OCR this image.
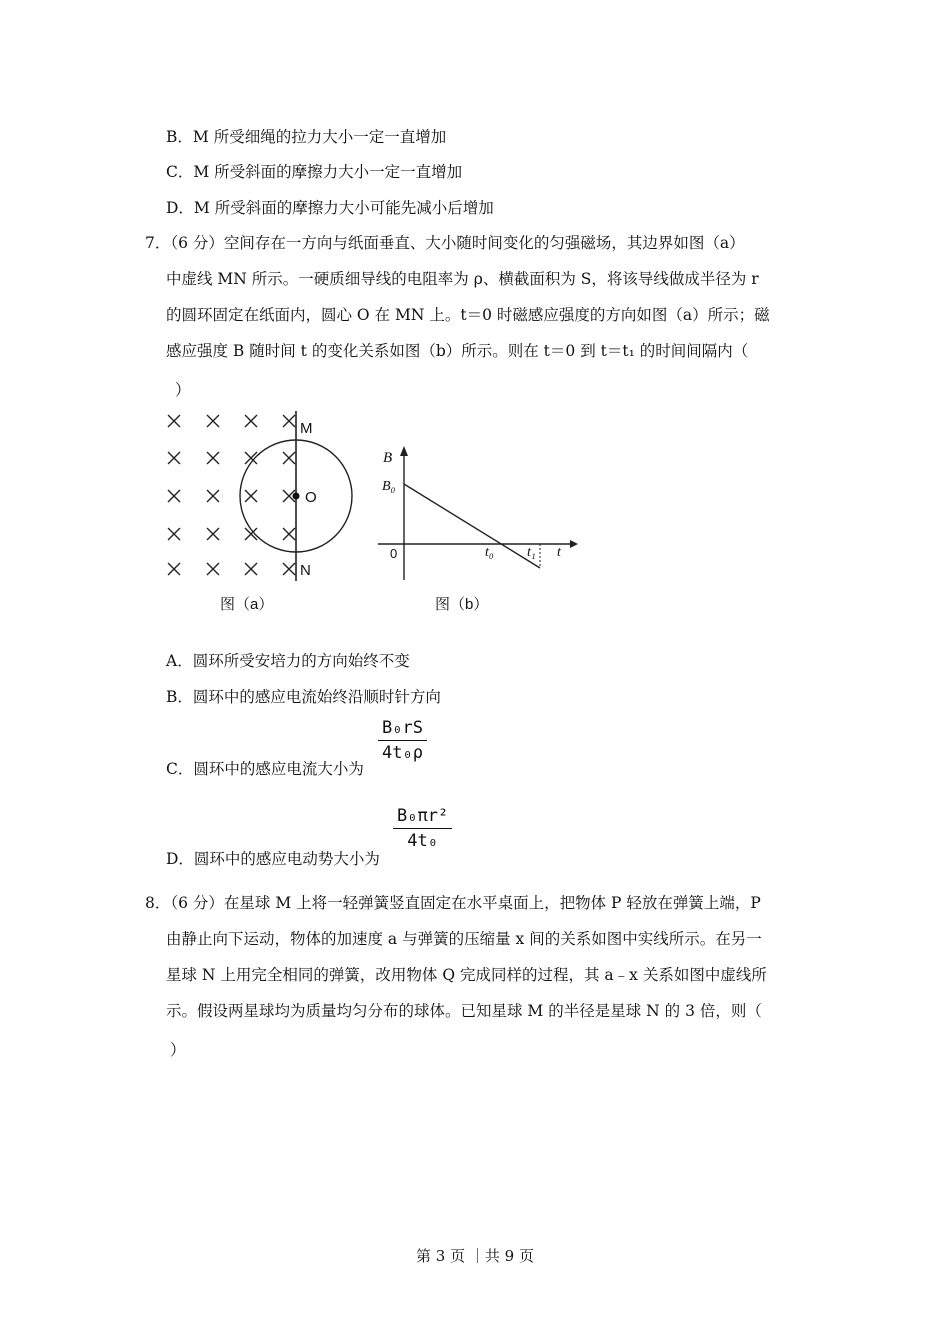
B．M 所受细绳的拉力大小一定一直增加
C．M 所受斜面的摩擦力大小一定一直增加
D．M 所受斜面的摩擦力大小可能先减小后增加
7．（6 分）空间存在一方向与纸面垂直、大小随时间变化的匀强磁场，其边界如图（a）
中虚线 MN 所示。一硬质细导线的电阻率为 ρ、横截面积为 S，将该导线做成半径为 r
的圆环固定在纸面内，圆心 O 在 MN 上。t＝0 时磁感应强度的方向如图（a）所示；磁
感应强度 B 随时间 t 的变化关系如图（b）所示。则在 t＝0 到 t＝t₁ 的时间间隔内（
）
M
O
N
图（a）
B
B₀
0	t₀ t₁ t
图（b）
A．圆环所受安培力的方向始终不变
B．圆环中的感应电流始终沿顺时针方向
C．圆环中的感应电流大小为
B₀rS
4t₀ρ
D．圆环中的感应电动势大小为
B₀πr²
4t₀
8．（6 分）在星球 M 上将一轻弹簧竖直固定在水平桌面上，把物体 P 轻放在弹簧上端，P
由静止向下运动，物体的加速度 a 与弹簧的压缩量 x 间的关系如图中实线所示。在另一
星球 N 上用完全相同的弹簧，改用物体 Q 完成同样的过程，其 a﹣x 关系如图中虚线所
示。假设两星球均为质量均匀分布的球体。已知星球 M 的半径是星球 N 的 3 倍，则（
）
第 3 页 ｜共 9 页
